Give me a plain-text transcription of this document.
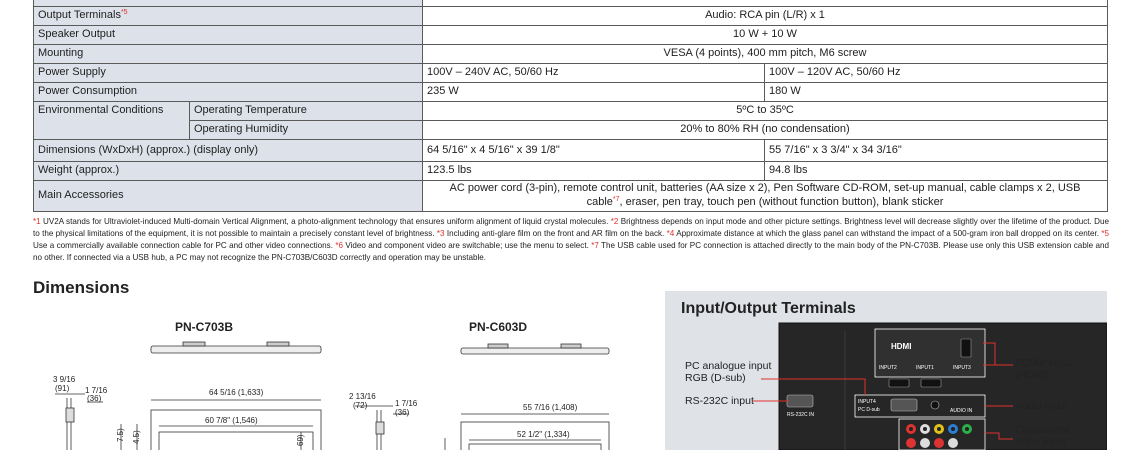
Output Terminals$^{*5}$		Audio: RCA pin (L/R) x 1	
Speaker Output		10 W + 10 W	
Mounting		VESA (4 points), 400 mm pitch, M6 screw	
Power Supply		100V – 240V AC, 50/60 Hz	100V – 120V AC, 50/60 Hz
Power Consumption		235 W	180 W
Environmental Conditions	Operating Temperature	5ºC to 35ºC	
	Operating Humidity	20% to 80% RH (no condensation)	
Dimensions (WxDxH) (approx.) (display only)		64 5/16" x 4 5/16" x 39 1/8"	55 7/16" x 3 3/4" x 34 3/16"
Weight (approx.)		123.5 lbs	94.8 lbs
Main Accessories		AC power cord (3-pin), remote control unit, batteries (AA size x 2), Pen Software CD-ROM, set-up manual, cable clamps x 2, USB
cable$^{*7}$, eraser, pen tray, touch pen (without function button), blank sticker	

*1 UV2A stands for Ultraviolet-induced Multi-domain Vertical Alignment, a photo-alignment technology that ensures uniform alignment of liquid crystal molecules. *2 Brightness depends on input mode and other picture settings. Brightness level will decrease slightly over the lifetime of the product. Due to the physical limitations of the equipment, it is not possible to maintain a precisely constant level of brightness. *3 Including anti-glare film on the front and AR film on the back. *4 Approximate distance at which the glass panel can withstand the impact of a 500-gram iron ball dropped on its center. *5 Use a commercially available connection cable for PC and other video connections. *6 Video and component video are switchable; use the menu to select. *7 The USB cable used for PC connection is attached directly to the main body of the PN-C703B. Please use only this USB extension cable and no other. If connected via a USB hub, a PC may not recognize the PN-C703B/C603D correctly and operation may be unstable.

Dimensions
PN-C703B	PN-C603D
3 9/16
(91) 1 7/16
(36)
64 5/16 (1,633)
60 7/8" (1,546)
7.5) 4.5)	69)
2 13/16
(72)	1 7/16
(36)
55 7/16 (1,408)
52 1/2" (1,334)
Input/Output Terminals
HDMI
INPUT2	INPUT1	INPUT3
INPUT4
PC D-sub	AUDIO IN
RS-232C IN
PC analogue input
RGB (D-sub)
RS-232C input
PC/AV input
(HDMI)
Audio input
Component
video input
